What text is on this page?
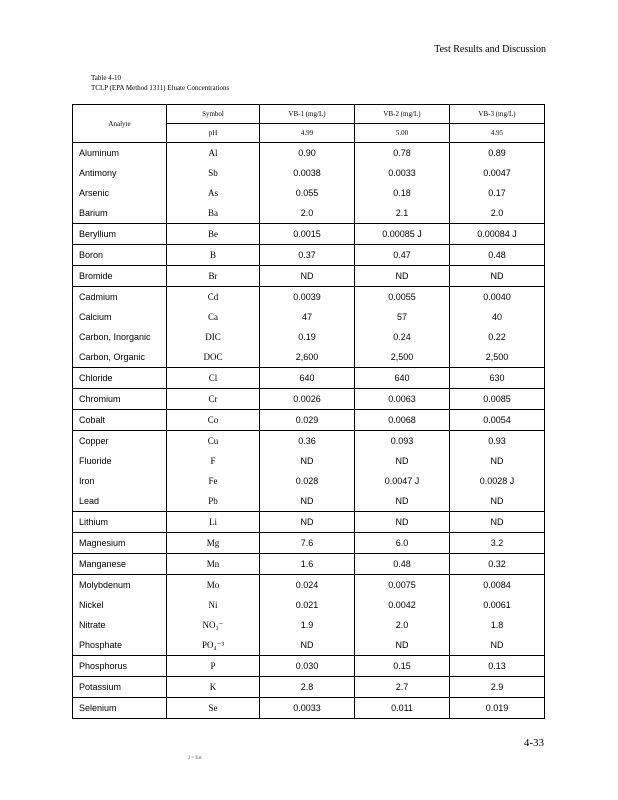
Test Results and Discussion
Table 4-10
TCLP (EPA Method 1311) Eluate Concentrations
Analyte	Symbol	VB-1 (mg/L)	VB-2 (mg/L)	VB-3 (mg/L)
	pH	4.99	5.00	4.95
Aluminum	Al	0.90	0.78	0.89
Antimony	Sb	0.0038	0.0033	0.0047
Arsenic	As	0.055	0.18	0.17
Barium	Ba	2.0	2.1	2.0
Beryllium	Be	0.0015	0.00085 J	0.00084 J
Boron	B	0.37	0.47	0.48
Bromide	Br	ND	ND	ND
Cadmium	Cd	0.0039	0.0055	0.0040
Calcium	Ca	47	57	40
Carbon, Inorganic	DIC	0.19	0.24	0.22
Carbon, Organic	DOC	2,600	2,500	2,500
Chloride	Cl	640	640	630
Chromium	Cr	0.0026	0.0063	0.0085
Cobalt	Co	0.029	0.0068	0.0054
Copper	Cu	0.36	0.093	0.93
Fluoride	F	ND	ND	ND
Iron	Fe	0.028	0.0047 J	0.0028 J
Lead	Pb	ND	ND	ND
Lithium	Li	ND	ND	ND
Magnesium	Mg	7.6	6.0	3.2
Manganese	Mn	1.6	0.48	0.32
Molybdenum	Mo	0.024	0.0075	0.0084
Nickel	Ni	0.021	0.0042	0.0061
Nitrate	NO₃⁻	1.9	2.0	1.8
Phosphate	PO₄⁻³	ND	ND	ND
Phosphorus	P	0.030	0.15	0.13
Potassium	K	2.8	2.7	2.9
Selenium	Se	0.0033	0.011	0.019
4-33
J = Est
